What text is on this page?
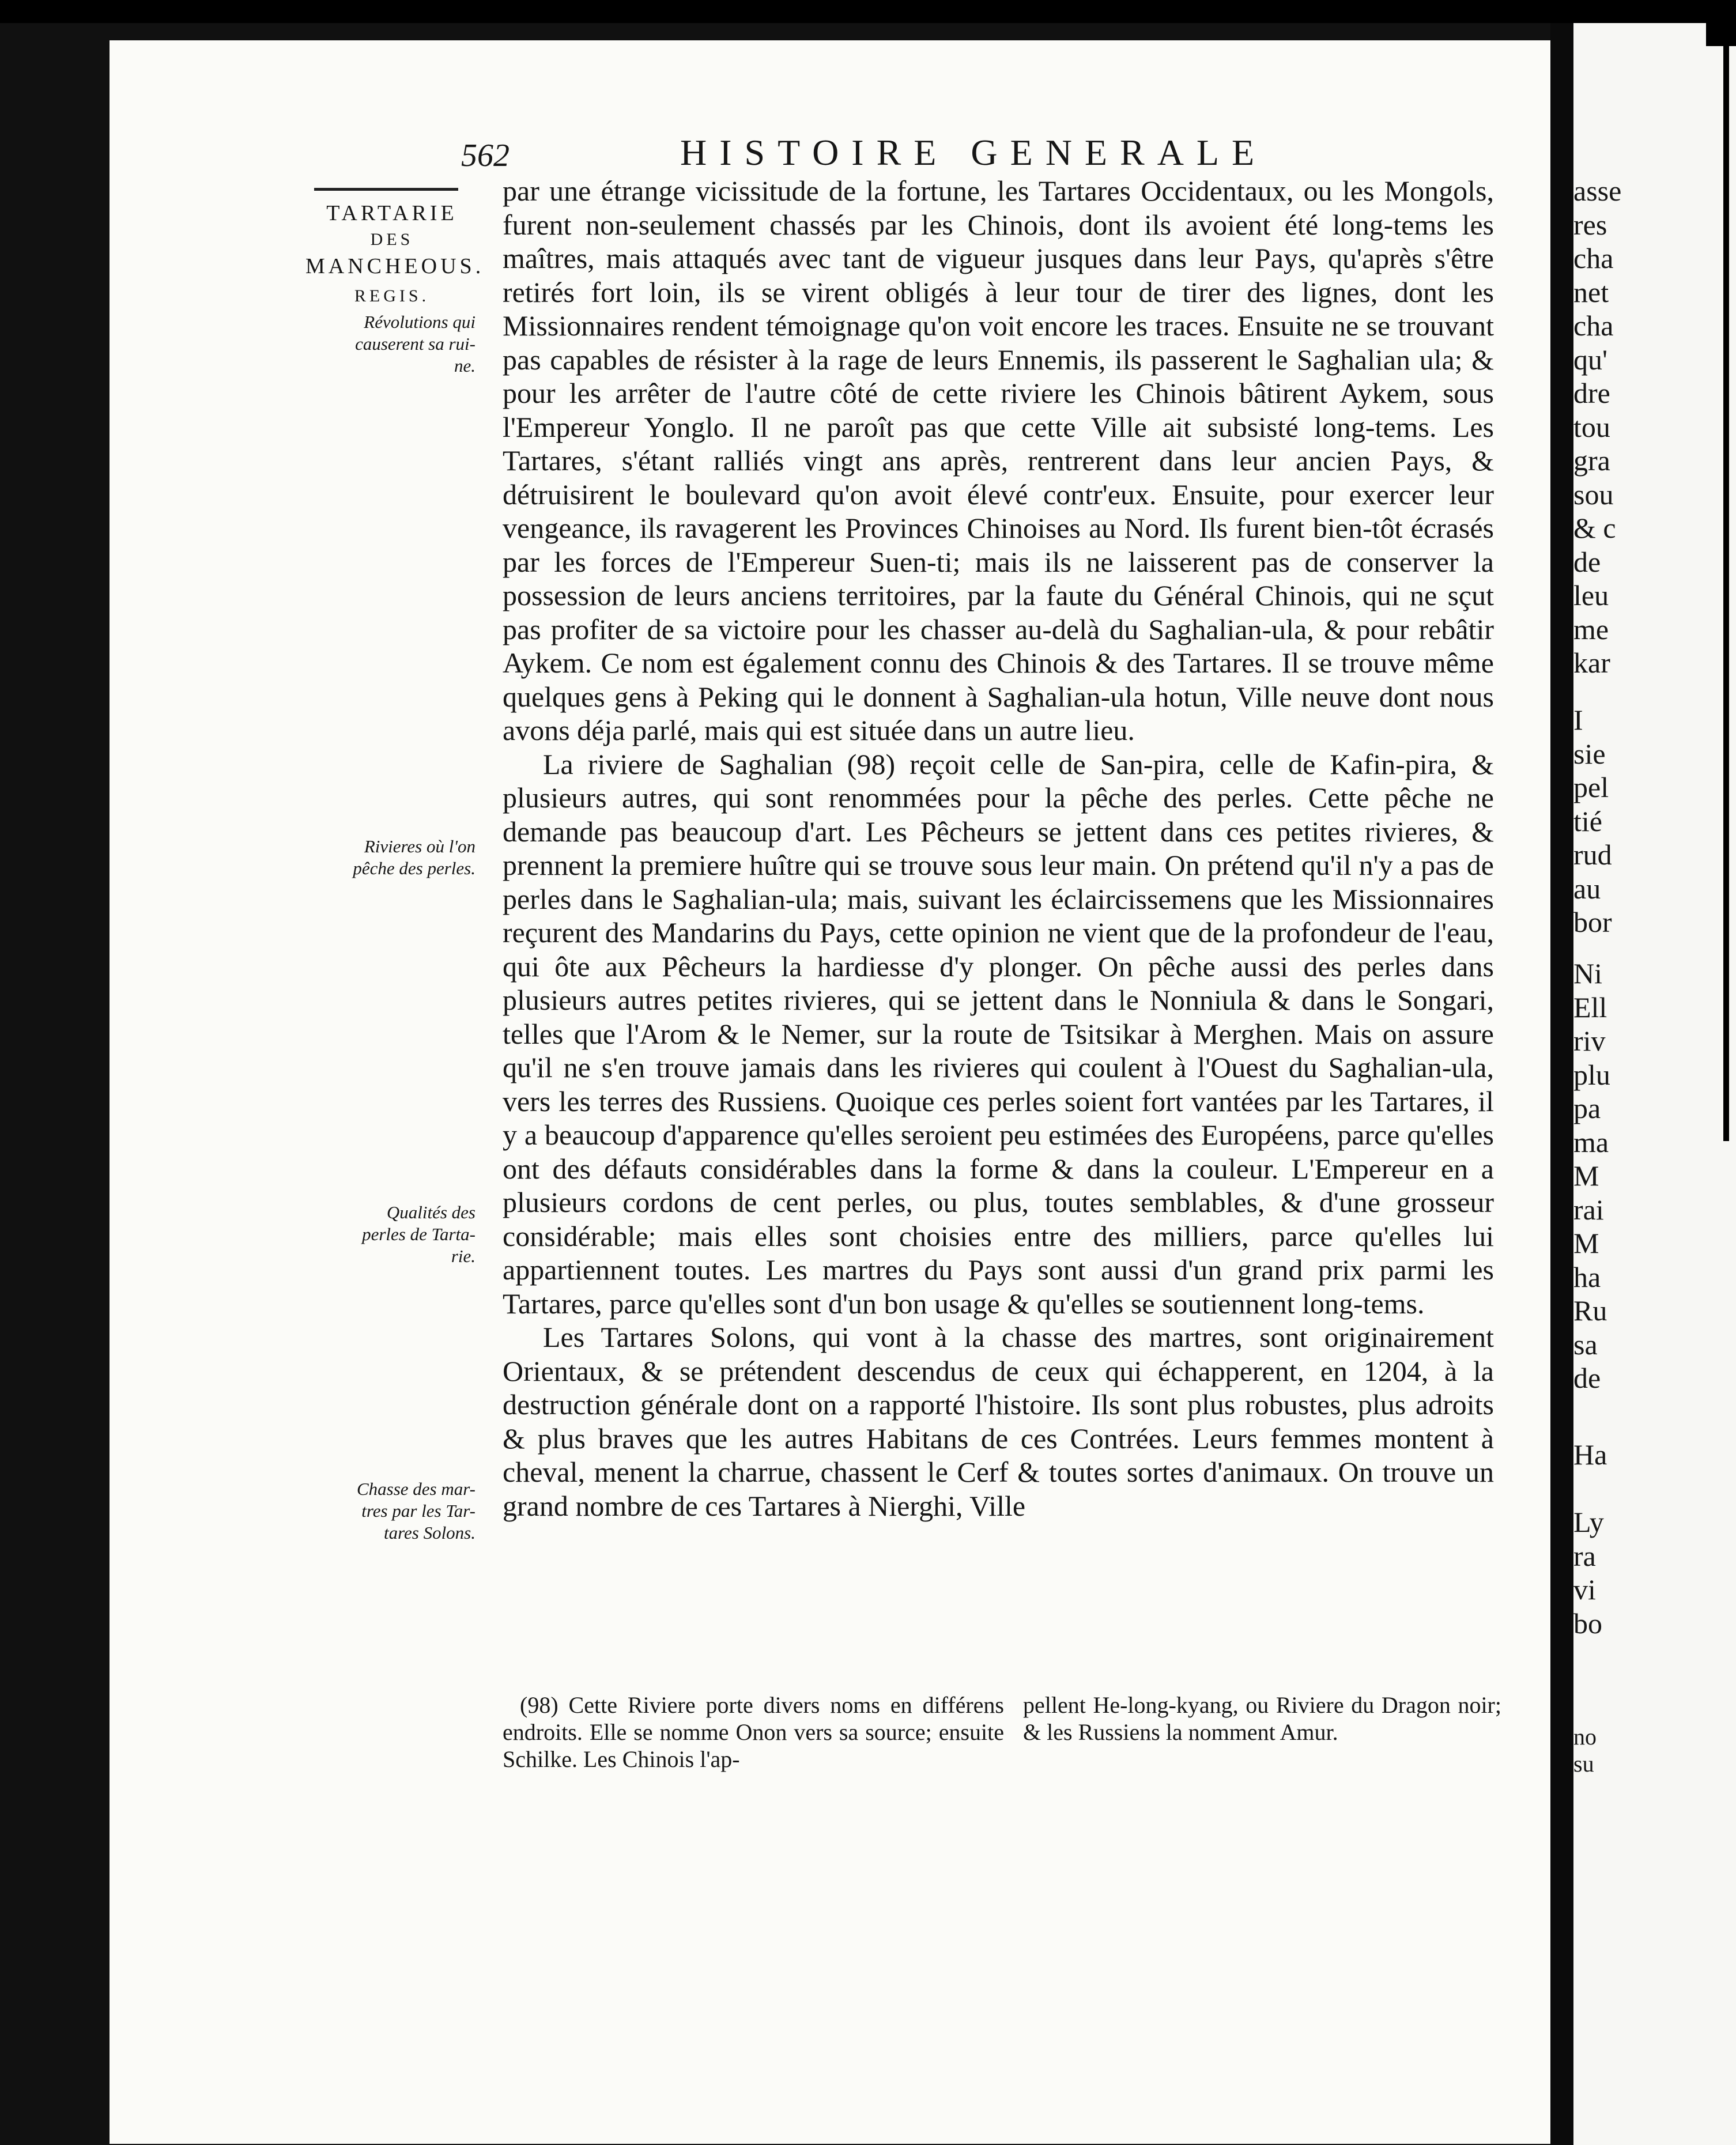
562	HISTOIRE GENERALE
TARTARIE
DES
MANCHEOUS.
REGIS.
Révolutions qui
causerent sa rui-
ne.
Rivieres où l'on
pêche des perles.
Qualités des
perles de Tarta-
rie.
Chasse des mar-
tres par les Tar-
tares Solons.

par une étrange vicissitude de la fortune, les Tartares Occidentaux, ou les Mongols, furent non-seulement chassés par les Chinois, dont ils avoient été long-tems les maîtres, mais attaqués avec tant de vigueur jusques dans leur Pays, qu'après s'être retirés fort loin, ils se virent obligés à leur tour de tirer des lignes, dont les Missionnaires rendent témoignage qu'on voit encore les traces. Ensuite ne se trouvant pas capables de résister à la rage de leurs Ennemis, ils passerent le Saghalian ula; & pour les arrêter de l'autre côté de cette riviere les Chinois bâtirent Aykem, sous l'Empereur Yonglo. Il ne paroît pas que cette Ville ait subsisté long-tems. Les Tartares, s'étant ralliés vingt ans après, rentrerent dans leur ancien Pays, & détruisirent le boulevard qu'on avoit élevé contr'eux. Ensuite, pour exercer leur vengeance, ils ravagerent les Provinces Chinoises au Nord. Ils furent bien-tôt écrasés par les forces de l'Empereur Suen-ti; mais ils ne laisserent pas de conserver la possession de leurs anciens territoires, par la faute du Général Chinois, qui ne sçut pas profiter de sa victoire pour les chasser au-delà du Saghalian-ula, & pour rebâtir Aykem. Ce nom est également connu des Chinois & des Tartares. Il se trouve même quelques gens à Peking qui le donnent à Saghalian-ula hotun, Ville neuve dont nous avons déja parlé, mais qui est située dans un autre lieu.

La riviere de Saghalian (98) reçoit celle de San-pira, celle de Kafin-pira, & plusieurs autres, qui sont renommées pour la pêche des perles. Cette pêche ne demande pas beaucoup d'art. Les Pêcheurs se jettent dans ces petites rivieres, & prennent la premiere huître qui se trouve sous leur main. On prétend qu'il n'y a pas de perles dans le Saghalian-ula; mais, suivant les éclaircissemens que les Missionnaires reçurent des Mandarins du Pays, cette opinion ne vient que de la profondeur de l'eau, qui ôte aux Pêcheurs la hardiesse d'y plonger. On pêche aussi des perles dans plusieurs autres petites rivieres, qui se jettent dans le Nonniula & dans le Songari, telles que l'Arom & le Nemer, sur la route de Tsitsikar à Merghen. Mais on assure qu'il ne s'en trouve jamais dans les rivieres qui coulent à l'Ouest du Saghalian-ula, vers les terres des Russiens. Quoique ces perles soient fort vantées par les Tartares, il y a beaucoup d'apparence qu'elles seroient peu estimées des Européens, parce qu'elles ont des défauts considérables dans la forme & dans la couleur. L'Empereur en a plusieurs cordons de cent perles, ou plus, toutes semblables, & d'une grosseur considérable; mais elles sont choisies entre des milliers, parce qu'elles lui appartiennent toutes. Les martres du Pays sont aussi d'un grand prix parmi les Tartares, parce qu'elles sont d'un bon usage & qu'elles se soutiennent long-tems.

Les Tartares Solons, qui vont à la chasse des martres, sont originairement Orientaux, & se prétendent descendus de ceux qui échapperent, en 1204, à la destruction générale dont on a rapporté l'histoire. Ils sont plus robustes, plus adroits & plus braves que les autres Habitans de ces Contrées. Leurs femmes montent à cheval, menent la charrue, chassent le Cerf & toutes sortes d'animaux. On trouve un grand nombre de ces Tartares à Nierghi, Ville

(98) Cette Riviere porte divers noms en différens endroits. Elle se nomme Onon vers sa source; ensuite Schilke. Les Chinois l'ap-
pellent He-long-kyang, ou Riviere du Dragon noir; & les Russiens la nomment Amur.
asse
res
cha
net
cha
qu'
dre
tou
gra
sou
& c
de
leu
me
kar
I
sie
pel
tié
rud
au
bor
Ni
Ell
riv
plu
pa
ma
M
rai
M
ha
Ru
sa
de
Ha

Ly
ra
vi
bo
no
su
